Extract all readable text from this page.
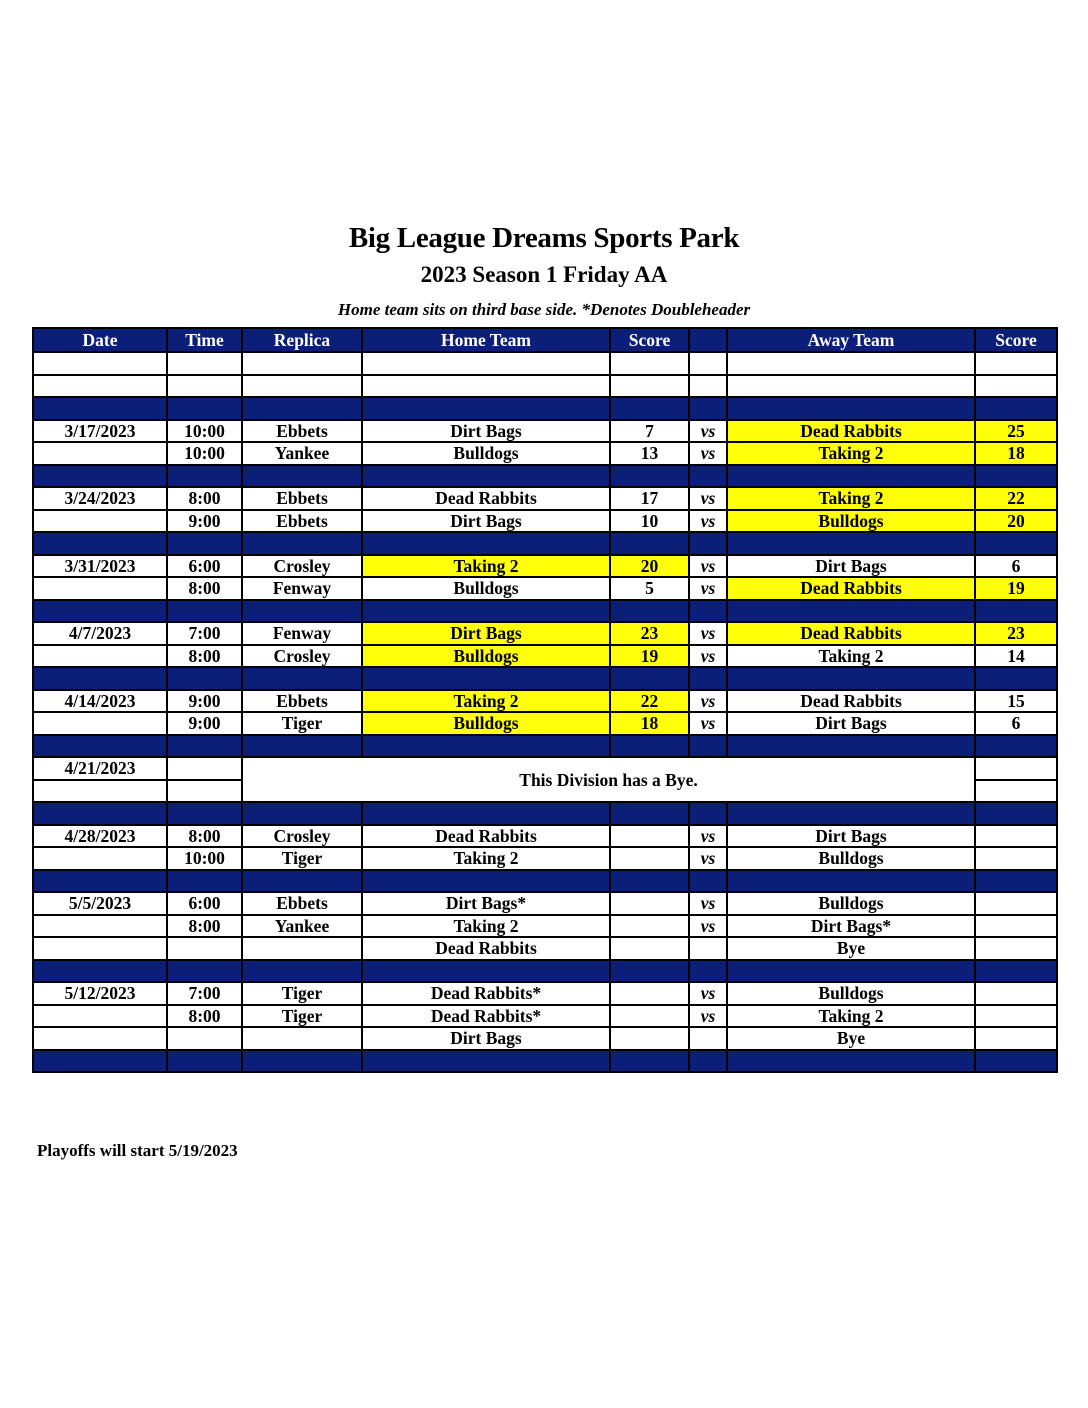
Big League Dreams Sports Park
2023 Season 1 Friday AA
Home team sits on third base side. *Denotes Doubleheader
Date	Time	Replica	Home Team	Score		Away Team	Score

3/17/2023	10:00	Ebbets	Dirt Bags	7	vs	Dead Rabbits	25
	10:00	Yankee	Bulldogs	13	vs	Taking 2	18

3/24/2023	8:00	Ebbets	Dead Rabbits	17	vs	Taking 2	22
	9:00	Ebbets	Dirt Bags	10	vs	Bulldogs	20

3/31/2023	6:00	Crosley	Taking 2	20	vs	Dirt Bags	6
	8:00	Fenway	Bulldogs	5	vs	Dead Rabbits	19

4/7/2023	7:00	Fenway	Dirt Bags	23	vs	Dead Rabbits	23
	8:00	Crosley	Bulldogs	19	vs	Taking 2	14

4/14/2023	9:00	Ebbets	Taking 2	22	vs	Dead Rabbits	15
	9:00	Tiger	Bulldogs	18	vs	Dirt Bags	6

4/21/2023		This Division has a Bye.					

4/28/2023	8:00	Crosley	Dead Rabbits		vs	Dirt Bags	
	10:00	Tiger	Taking 2		vs	Bulldogs	

5/5/2023	6:00	Ebbets	Dirt Bags*		vs	Bulldogs	
	8:00	Yankee	Taking 2		vs	Dirt Bags*	
			Dead Rabbits			Bye	

5/12/2023	7:00	Tiger	Dead Rabbits*		vs	Bulldogs	
	8:00	Tiger	Dead Rabbits*		vs	Taking 2	
			Dirt Bags			Bye	

Playoffs will start 5/19/2023
